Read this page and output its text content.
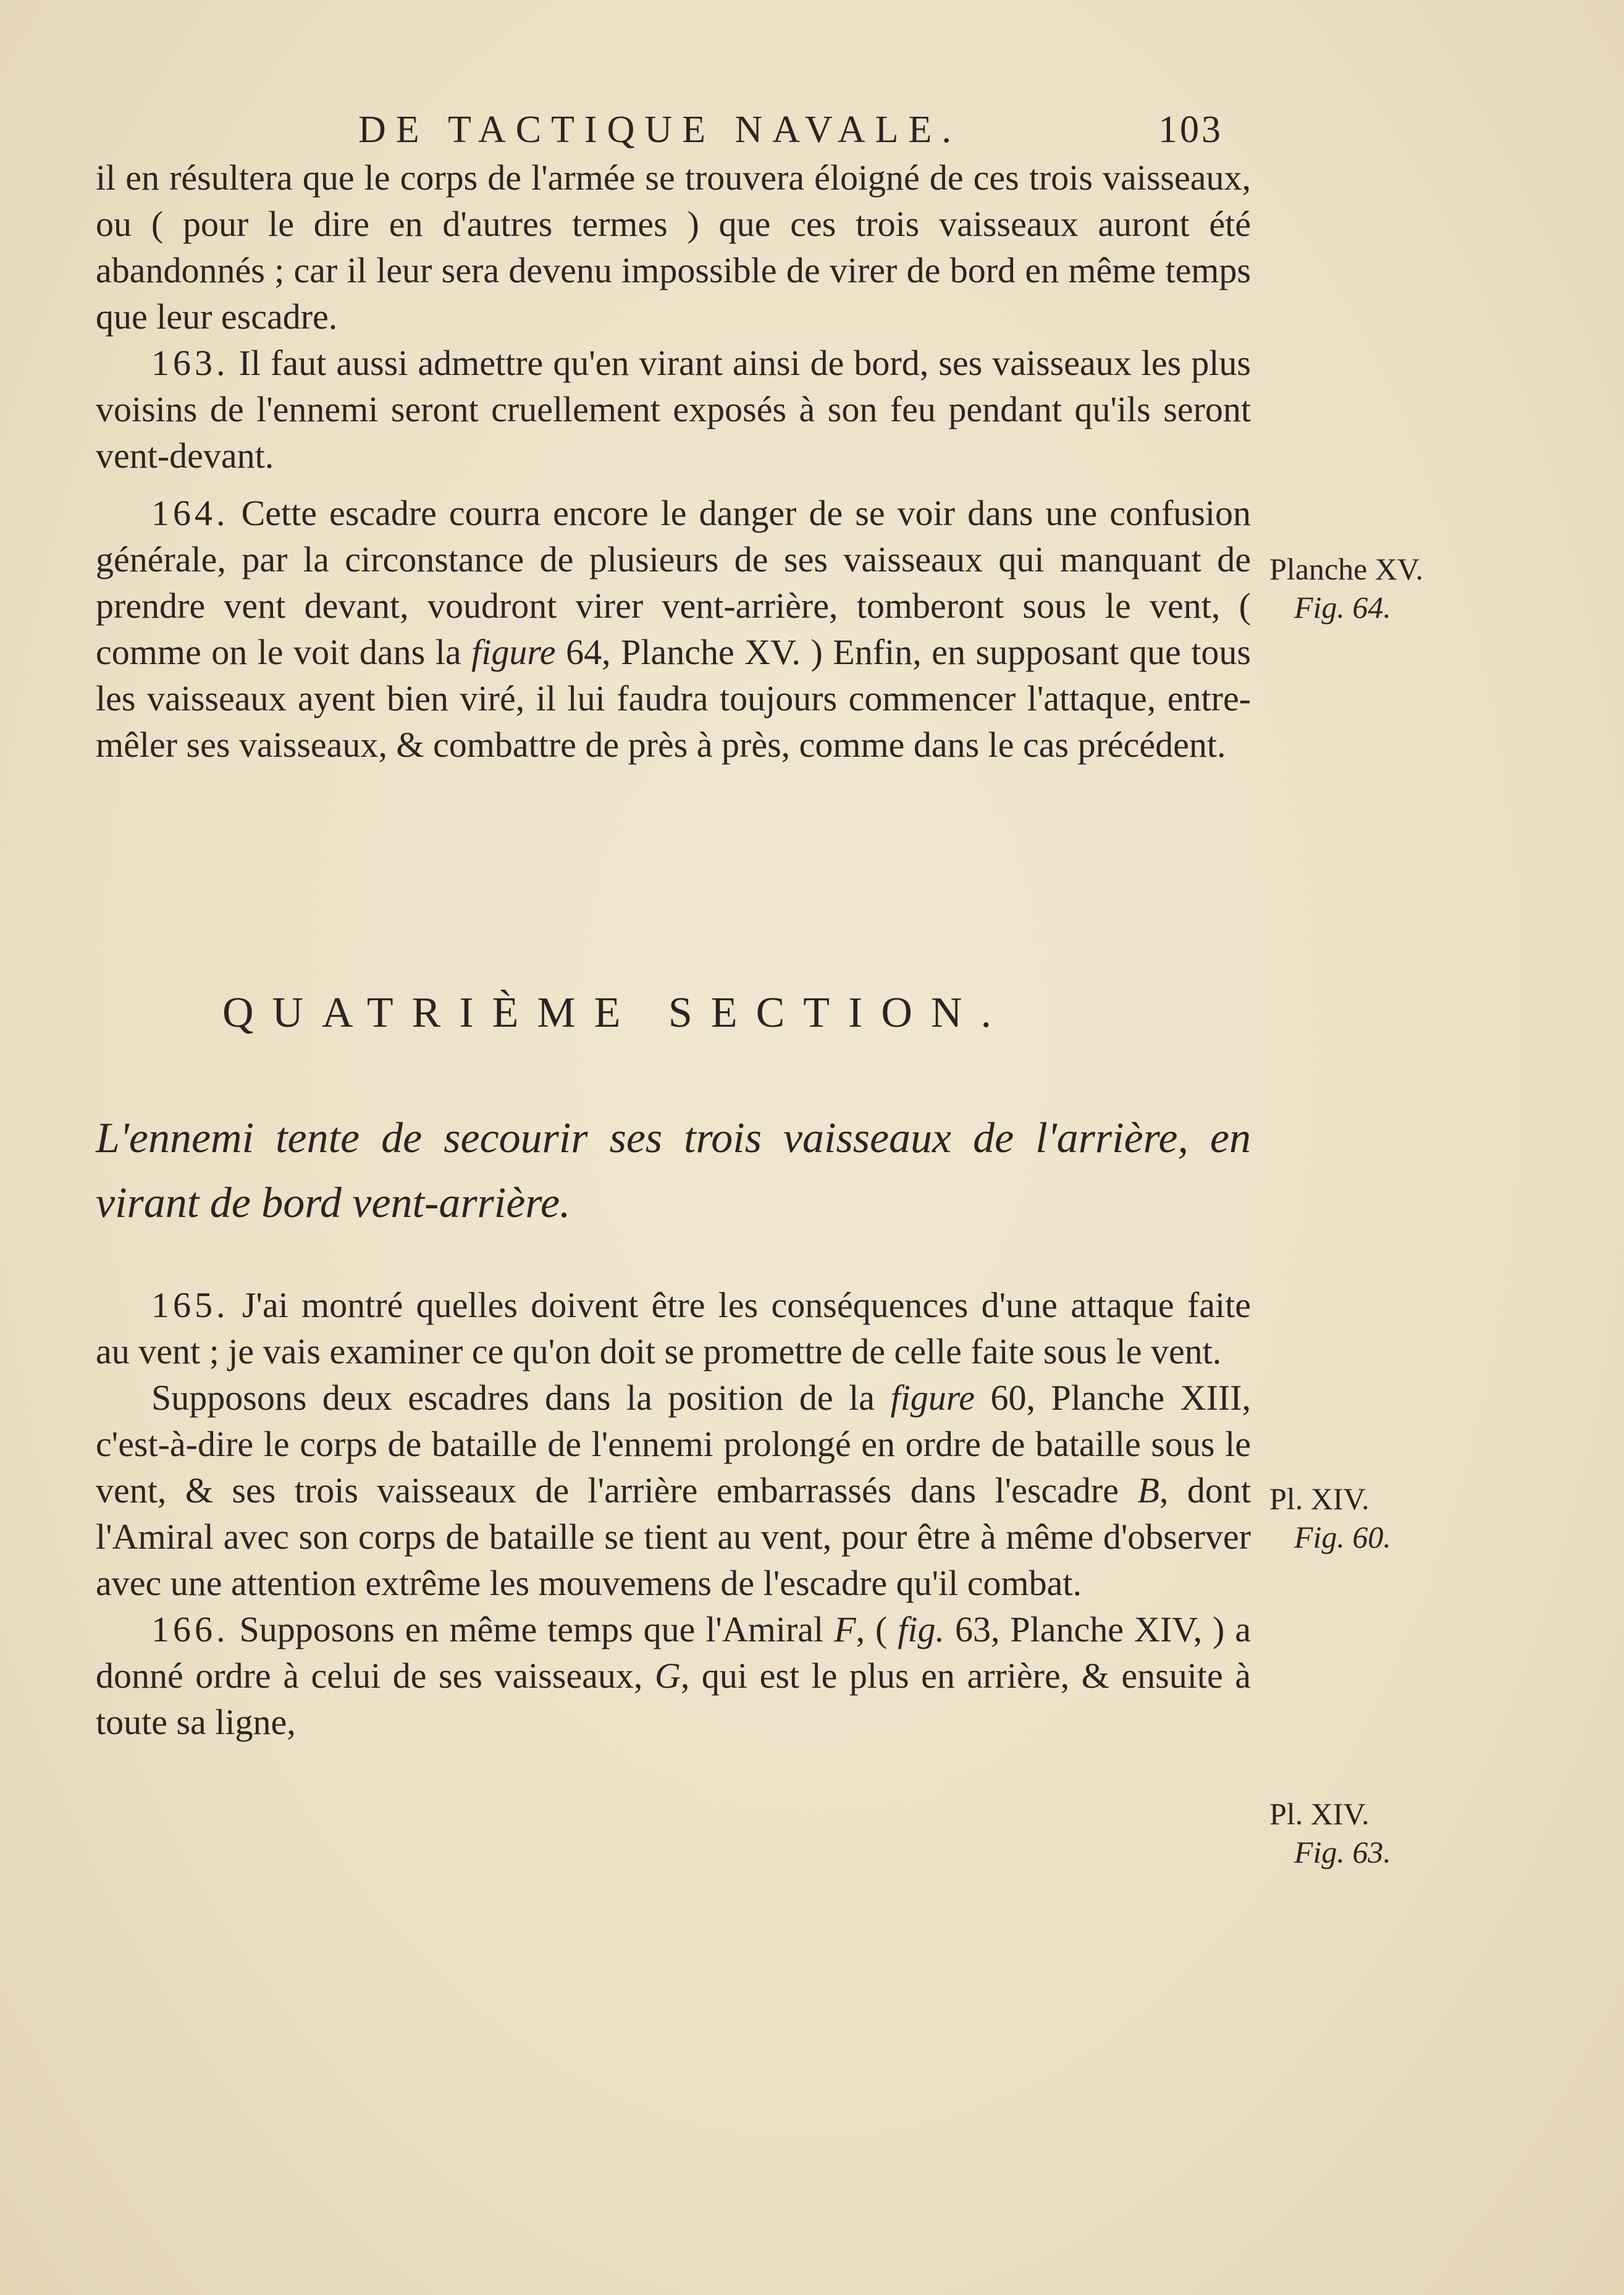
DE TACTIQUE NAVALE.	103

il en résultera que le corps de l'armée se trouvera éloigné de ces trois vaisseaux, ou ( pour le dire en d'autres termes ) que ces trois vaisseaux auront été abandonnés ; car il leur sera devenu impossible de virer de bord en même temps que leur escadre.

163. Il faut aussi admettre qu'en virant ainsi de bord, ses vaisseaux les plus voisins de l'ennemi seront cruellement exposés à son feu pendant qu'ils seront vent-devant.

164. Cette escadre courra encore le danger de se voir dans une confusion générale, par la circonstance de plusieurs de ses vaisseaux qui manquant de prendre vent devant, voudront virer vent-arrière, tomberont sous le vent, ( comme on le voit dans la figure 64, Planche XV. ) Enfin, en supposant que tous les vaisseaux ayent bien viré, il lui faudra toujours commencer l'attaque, entre-mêler ses vaisseaux, & combattre de près à près, comme dans le cas précédent.

Planche XV.
Fig. 64.
QUATRIÈME SECTION.
L'ennemi tente de secourir ses trois vaisseaux de l'arrière, en virant de bord vent-arrière.

165. J'ai montré quelles doivent être les conséquences d'une attaque faite au vent ; je vais examiner ce qu'on doit se promettre de celle faite sous le vent.

Supposons deux escadres dans la position de la figure 60, Planche XIII, c'est-à-dire le corps de bataille de l'ennemi prolongé en ordre de bataille sous le vent, & ses trois vaisseaux de l'arrière embarrassés dans l'escadre B, dont l'Amiral avec son corps de bataille se tient au vent, pour être à même d'observer avec une attention extrême les mouvemens de l'escadre qu'il combat.

166. Supposons en même temps que l'Amiral F, ( fig. 63, Planche XIV, ) a donné ordre à celui de ses vaisseaux, G, qui est le plus en arrière, & ensuite à toute sa ligne,

Pl. XIV.
Fig. 60.
Pl. XIV.
Fig. 63.
